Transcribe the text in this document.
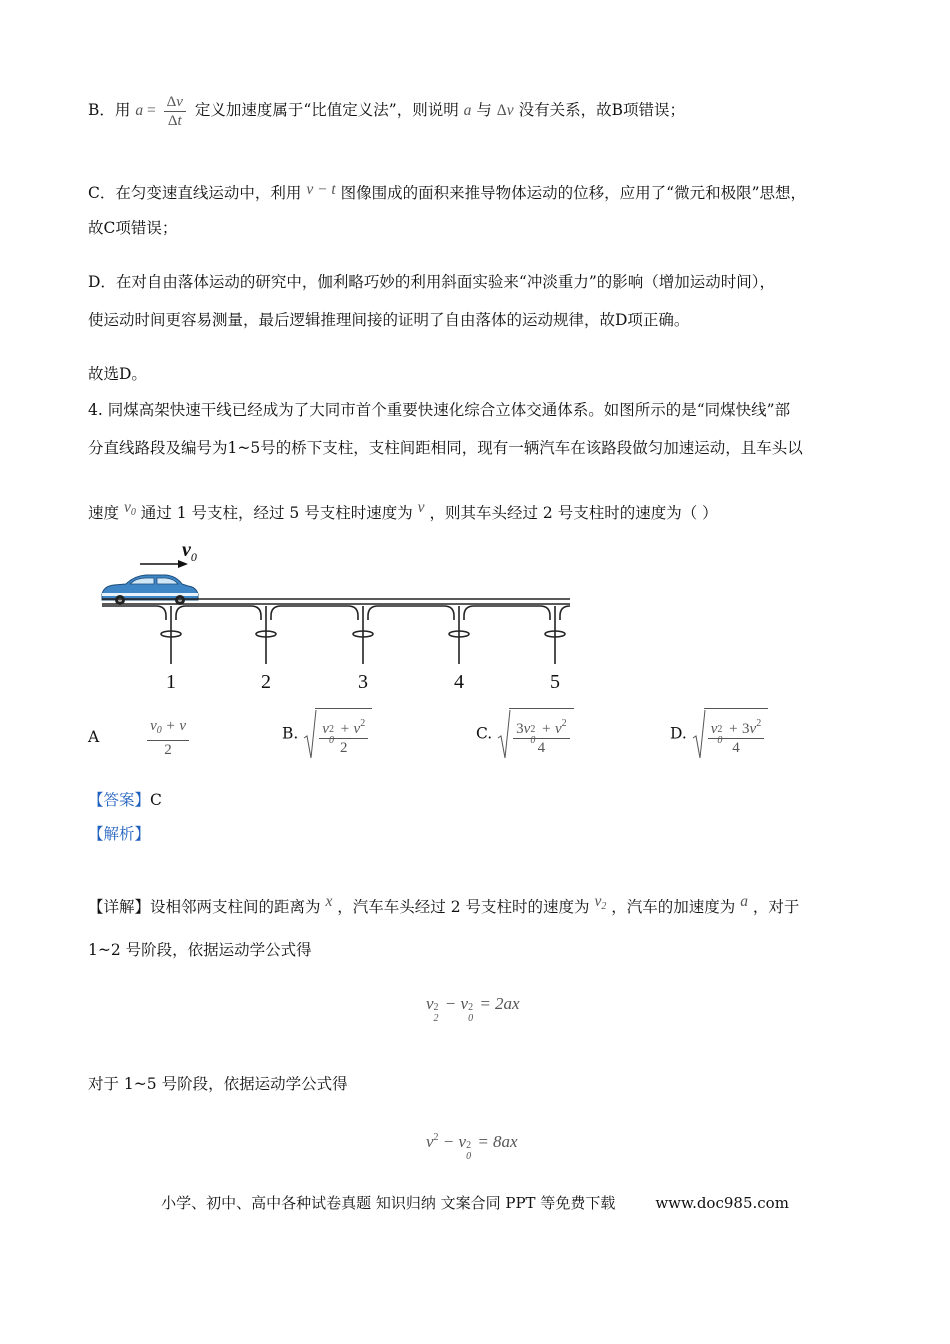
B．用 $a = \frac{\Delta v}{\Delta t}$ 定义加速度属于“比值定义法”，则说明 a 与 Δv 没有关系，故B项错误；
C．在匀变速直线运动中，利用 v − t 图像围成的面积来推导物体运动的位移，应用了“微元和极限”思想，
故C项错误；
D．在对自由落体运动的研究中，伽利略巧妙的利用斜面实验来“冲淡重力”的影响（增加运动时间），
使运动时间更容易测量，最后逻辑推理间接的证明了自由落体的运动规律，故D项正确。
故选D。
4. 同煤高架快速干线已经成为了大同市首个重要快速化综合立体交通体系。如图所示的是“同煤快线”部
分直线路段及编号为1~5号的桥下支柱，支柱间距相同，现有一辆汽车在该路段做匀加速运动，且车头以
速度 $v_0$ 通过 1 号支柱，经过 5 号支柱时速度为 v ，则其车头经过 2 号支柱时的速度为（ ）
$v_0$
1	2	3	4	5
A	$\frac{v_0 + v}{2}$	B. v 2
0
+ $v^2$
2	C. 3v 2
0
+ $v^2$
4	D. v 2
0
+ $3v^2$
4
【答案】C
【解析】
【详解】设相邻两支柱间的距离为 x ，汽车车头经过 2 号支柱时的速度为 $v_2$ ，汽车的加速度为 a ，对于
1~2 号阶段，依据运动学公式得
v 2
2
− v 2
0
= 2ax
对于 1~5 号阶段，依据运动学公式得
$v^2 - v$ 2
0
= 8ax
小学、初中、高中各种试卷真题 知识归纳 文案合同 PPT 等免费下载	www.doc985.com
